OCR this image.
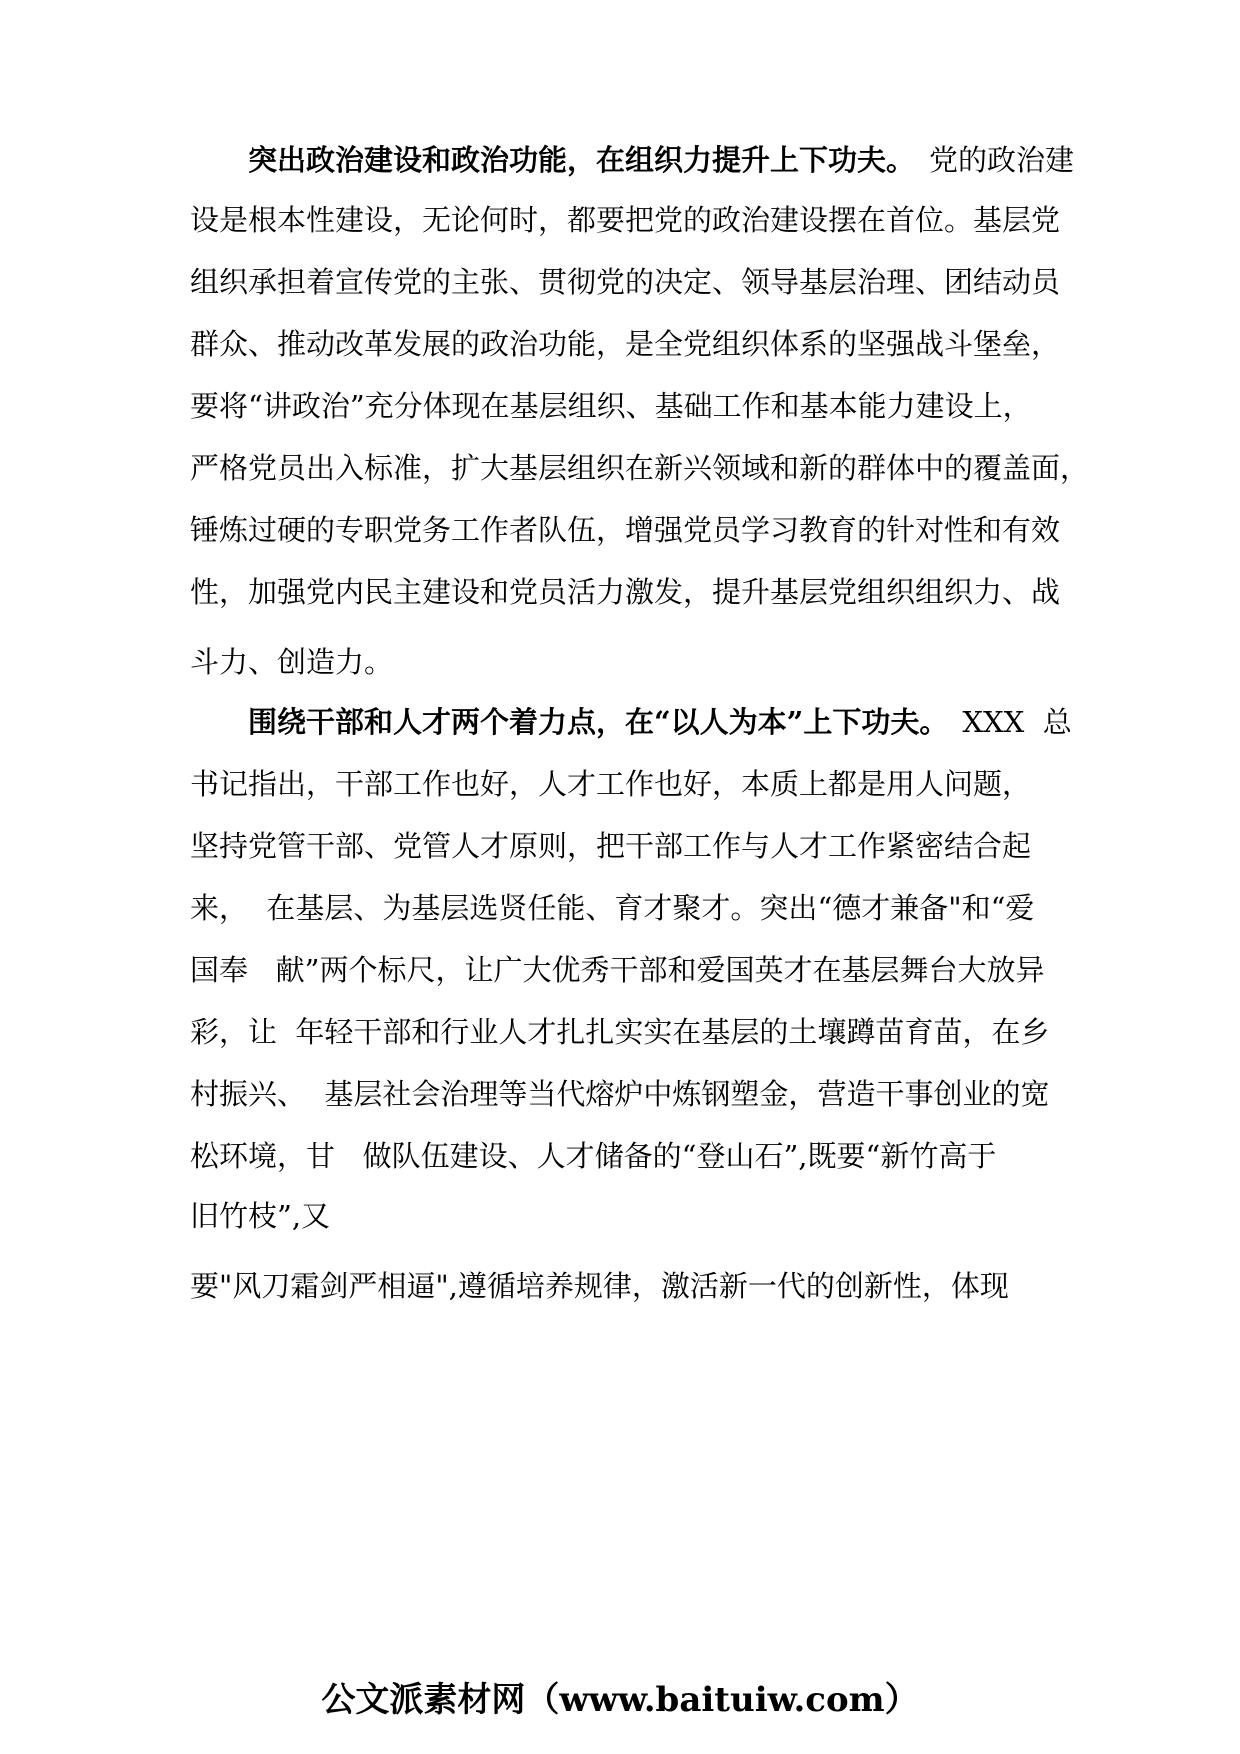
突出政治建设和政治功能，在组织力提升上下功夫。 党的政治建
设是根本性建设，无论何时，都要把党的政治建设摆在首位。基层党
组织承担着宣传党的主张、贯彻党的决定、领导基层治理、团结动员
群众、推动改革发展的政治功能，是全党组织体系的坚强战斗堡垒，
要将“讲政治”充分体现在基层组织、基础工作和基本能力建设上，
严格党员出入标准，扩大基层组织在新兴领域和新的群体中的覆盖面，
锤炼过硬的专职党务工作者队伍，增强党员学习教育的针对性和有效
性，加强党内民主建设和党员活力激发，提升基层党组织组织力、战
斗力、创造力。
围绕干部和人才两个着力点，在“以人为本”上下功夫。 XXX  总
书记指出，干部工作也好，人才工作也好，本质上都是用人问题，
坚持党管干部、党管人才原则，把干部工作与人才工作紧密结合起
来，  在基层、为基层选贤任能、育才聚才。突出“德才兼备"和“爱
国奉   献”两个标尺，让广大优秀干部和爱国英才在基层舞台大放异
彩，让  年轻干部和行业人才扎扎实实在基层的土壤蹲苗育苗，在乡
村振兴、  基层社会治理等当代熔炉中炼钢塑金，营造干事创业的宽
松环境，甘   做队伍建设、人才储备的“登山石”,既要“新竹高于
旧竹枝”,又
要"风刀霜剑严相逼",遵循培养规律，激活新一代的创新性，体现
公文派素材网（www.baituiw.com）
